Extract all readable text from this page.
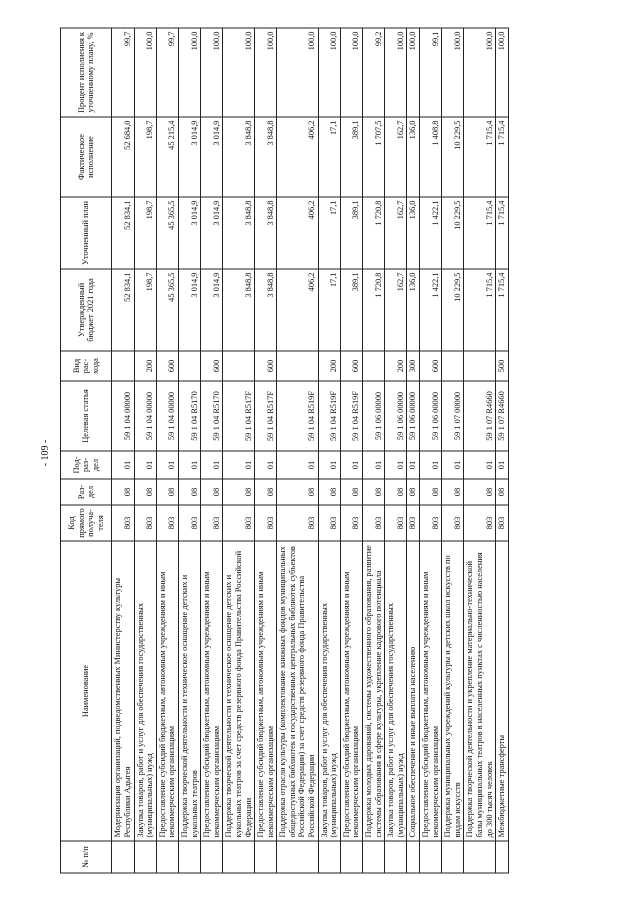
- 109 -
№ п/п	Наименование	Код прямого получа-теля	Раз-дел	Под-раз-дел	Целевая статья	Вид рас-хода	Утвержденный бюджет 2021 года	Уточненный план	Фактическое исполнение	Процент исполнения к уточненному плану, %
	Модернизация организаций, подведомственных Министерству культуры Республики Адыгея	803	08	01	59 1 04 00000		52 834,1	52 834,1	52 684,0	99,7
	Закупка товаров, работ и услуг для обеспечения государственных (муниципальных) нужд	803	08	01	59 1 04 00000	200	198,7	198,7	198,7	100,0
	Предоставление субсидий бюджетным, автономным учреждениям и иным некоммерческим организациям	803	08	01	59 1 04 00000	600	45 365,5	45 365,5	45 215,4	99,7
	Поддержка творческой деятельности и техническое оснащение детских и кукольных театров	803	08	01	59 1 04 R5170		3 014,9	3 014,9	3 014,9	100,0
	Предоставление субсидий бюджетным, автономным учреждениям и иным некоммерческим организациям	803	08	01	59 1 04 R5170	600	3 014,9	3 014,9	3 014,9	100,0
	Поддержка творческой деятельности и техническое оснащение детских и кукольных театров за счет средств резервного фонда Правительства Российской Федерации	803	08	01	59 1 04 R517F		3 848,8	3 848,8	3 848,8	100,0
	Предоставление субсидий бюджетным, автономным учреждениям и иным некоммерческим организациям	803	08	01	59 1 04 R517F	600	3 848,8	3 848,8	3 848,8	100,0
	Поддержка отрасли культуры (комплектование книжных фондов муниципальных общедоступных библиотек и государственных центральных библиотек субъектов Российской Федерации) за счет средств резервного фонда Правительства Российской Федерации	803	08	01	59 1 04 R519F		406,2	406,2	406,2	100,0
	Закупка товаров, работ и услуг для обеспечения государственных (муниципальных) нужд	803	08	01	59 1 04 R519F	200	17,1	17,1	17,1	100,0
	Предоставление субсидий бюджетным, автономным учреждениям и иным некоммерческим организациям	803	08	01	59 1 04 R519F	600	389,1	389,1	389,1	100,0
	Поддержка молодых дарований, системы художественного образования, развитие системы образования в сфере культуры, укрепление кадрового потенциала	803	08	01	59 1 06 00000		1 720,8	1 720,8	1 707,5	99,2
	Закупка товаров, работ и услуг для обеспечения государственных (муниципальных) нужд	803	08	01	59 1 06 00000	200	162,7	162,7	162,7	100,0
	Социальное обеспечение и иные выплаты населению	803	08	01	59 1 06 00000	300	136,0	136,0	136,0	100,0
	Предоставление субсидий бюджетным, автономным учреждениям и иным некоммерческим организациям	803	08	01	59 1 06 00000	600	1 422,1	1 422,1	1 408,8	99,1
	Поддержка муниципальных учреждений культуры и детских школ искусств по видам искусств	803	08	01	59 1 07 00000		10 229,5	10 229,5	10 229,5	100,0
	Поддержка творческой деятельности и укрепление материально-технической базы муниципальных театров в населенных пунктах с численностью населения до 300 тысяч человек	803	08	01	59 1 07 R4660		1 715,4	1 715,4	1 715,4	100,0
	Межбюджетные трансферты	803	08	01	59 1 07 R4660	500	1 715,4	1 715,4	1 715,4	100,0
